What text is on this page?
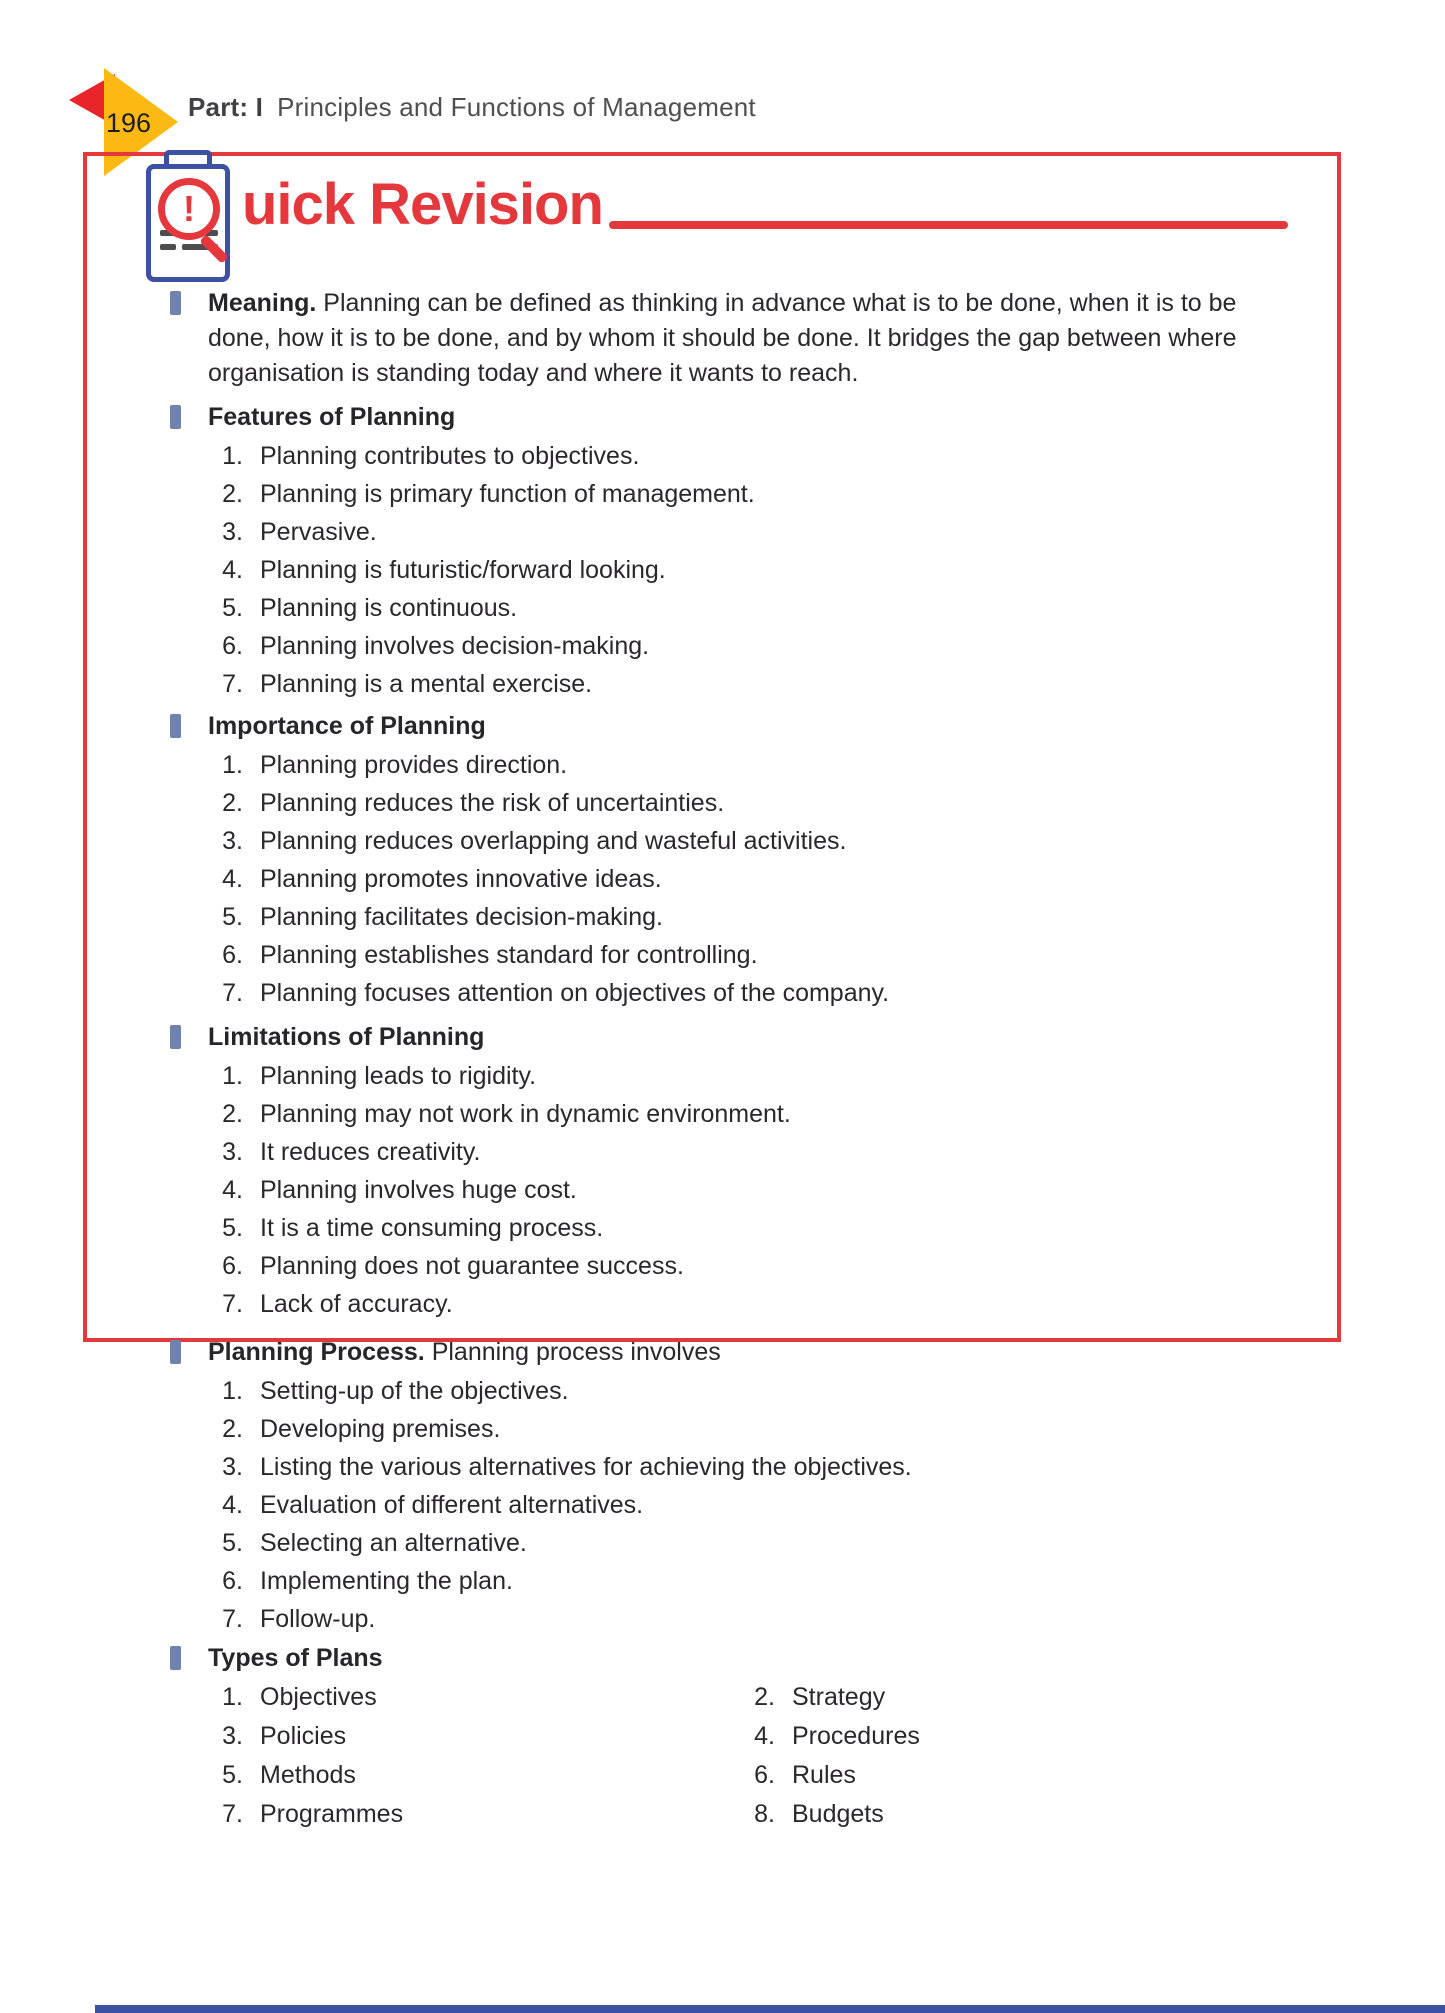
196
Part: I Principles and Functions of Management
! uick Revision
Meaning. Planning can be defined as thinking in advance what is to be done, when it is to be done, how it is to be done, and by whom it should be done. It bridges the gap between where organisation is standing today and where it wants to reach.
Features of Planning
1. Planning contributes to objectives.
2. Planning is primary function of management.
3. Pervasive.
4. Planning is futuristic/forward looking.
5. Planning is continuous.
6. Planning involves decision-making.
7. Planning is a mental exercise.
Importance of Planning
1. Planning provides direction.
2. Planning reduces the risk of uncertainties.
3. Planning reduces overlapping and wasteful activities.
4. Planning promotes innovative ideas.
5. Planning facilitates decision-making.
6. Planning establishes standard for controlling.
7. Planning focuses attention on objectives of the company.
Limitations of Planning
1. Planning leads to rigidity.
2. Planning may not work in dynamic environment.
3. It reduces creativity.
4. Planning involves huge cost.
5. It is a time consuming process.
6. Planning does not guarantee success.
7. Lack of accuracy.
Planning Process. Planning process involves
1. Setting-up of the objectives.
2. Developing premises.
3. Listing the various alternatives for achieving the objectives.
4. Evaluation of different alternatives.
5. Selecting an alternative.
6. Implementing the plan.
7. Follow-up.
Types of Plans
1. Objectives	2. Strategy
3. Policies	4. Procedures
5. Methods	6. Rules
7. Programmes	8. Budgets
